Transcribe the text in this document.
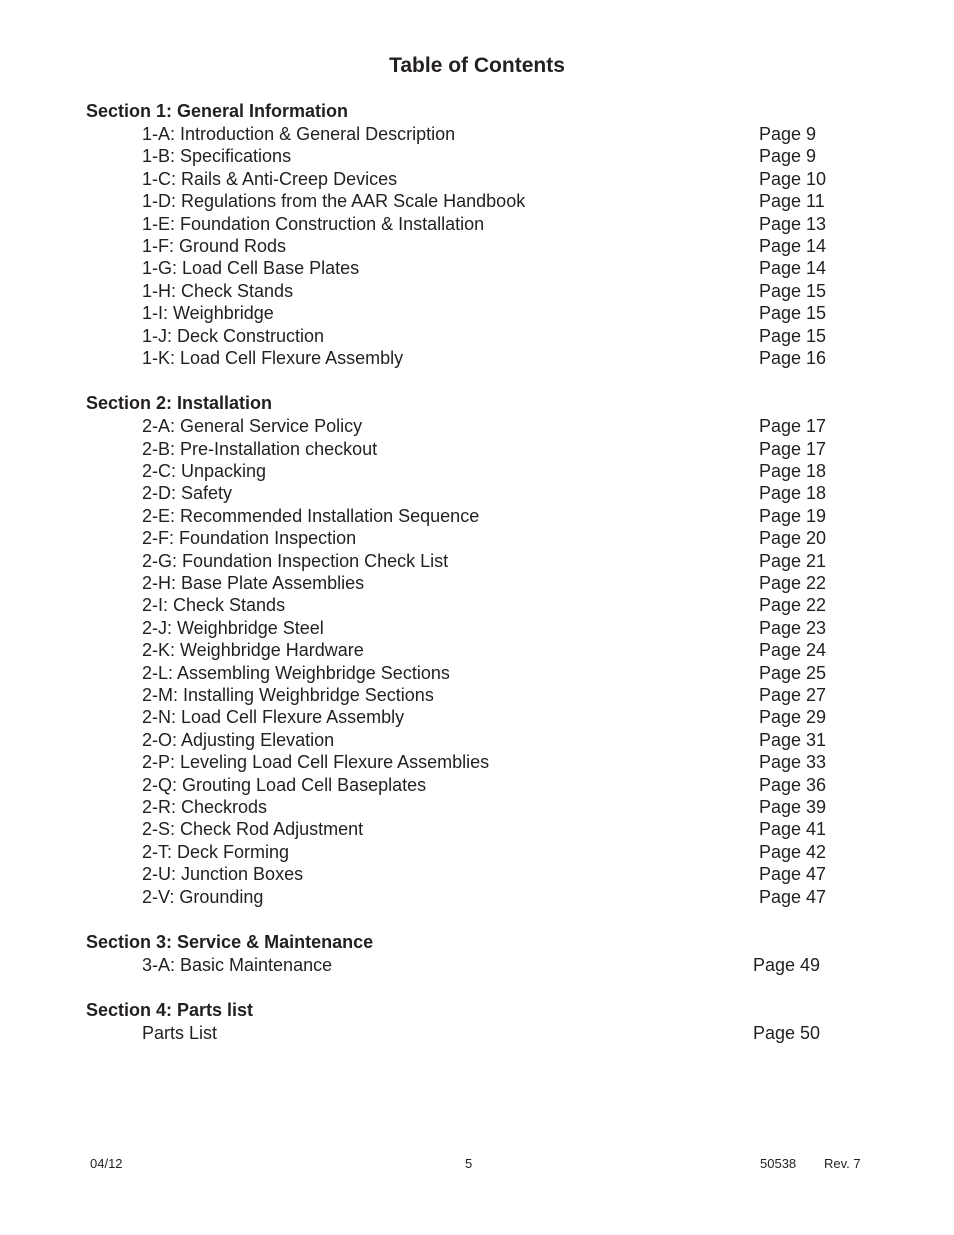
Table of Contents
Section 1: General Information
1-A: Introduction & General Description	Page 9
1-B: Specifications	Page 9
1-C: Rails & Anti-Creep Devices	Page 10
1-D: Regulations from the AAR Scale Handbook	Page 11
1-E: Foundation Construction & Installation	Page 13
1-F: Ground Rods	Page 14
1-G: Load Cell Base Plates	Page 14
1-H: Check Stands	Page 15
1-I: Weighbridge	Page 15
1-J: Deck Construction	Page 15
1-K: Load Cell Flexure Assembly	Page 16
Section 2: Installation
2-A: General Service Policy	Page 17
2-B: Pre-Installation checkout	Page 17
2-C: Unpacking	Page 18
2-D: Safety	Page 18
2-E: Recommended Installation Sequence	Page 19
2-F: Foundation Inspection	Page 20
2-G: Foundation Inspection Check List	Page 21
2-H: Base Plate Assemblies	Page 22
2-I: Check Stands	Page 22
2-J: Weighbridge Steel	Page 23
2-K: Weighbridge Hardware	Page 24
2-L: Assembling Weighbridge Sections	Page 25
2-M: Installing Weighbridge Sections	Page 27
2-N: Load Cell Flexure Assembly	Page 29
2-O: Adjusting Elevation	Page 31
2-P: Leveling Load Cell Flexure Assemblies	Page 33
2-Q: Grouting Load Cell Baseplates	Page 36
2-R: Checkrods	Page 39
2-S: Check Rod Adjustment	Page 41
2-T: Deck Forming	Page 42
2-U: Junction Boxes	Page 47
2-V: Grounding	Page 47
Section 3: Service & Maintenance
3-A: Basic Maintenance	Page 49
Section 4: Parts list
Parts List	Page 50
04/12	5	50538 Rev. 7
